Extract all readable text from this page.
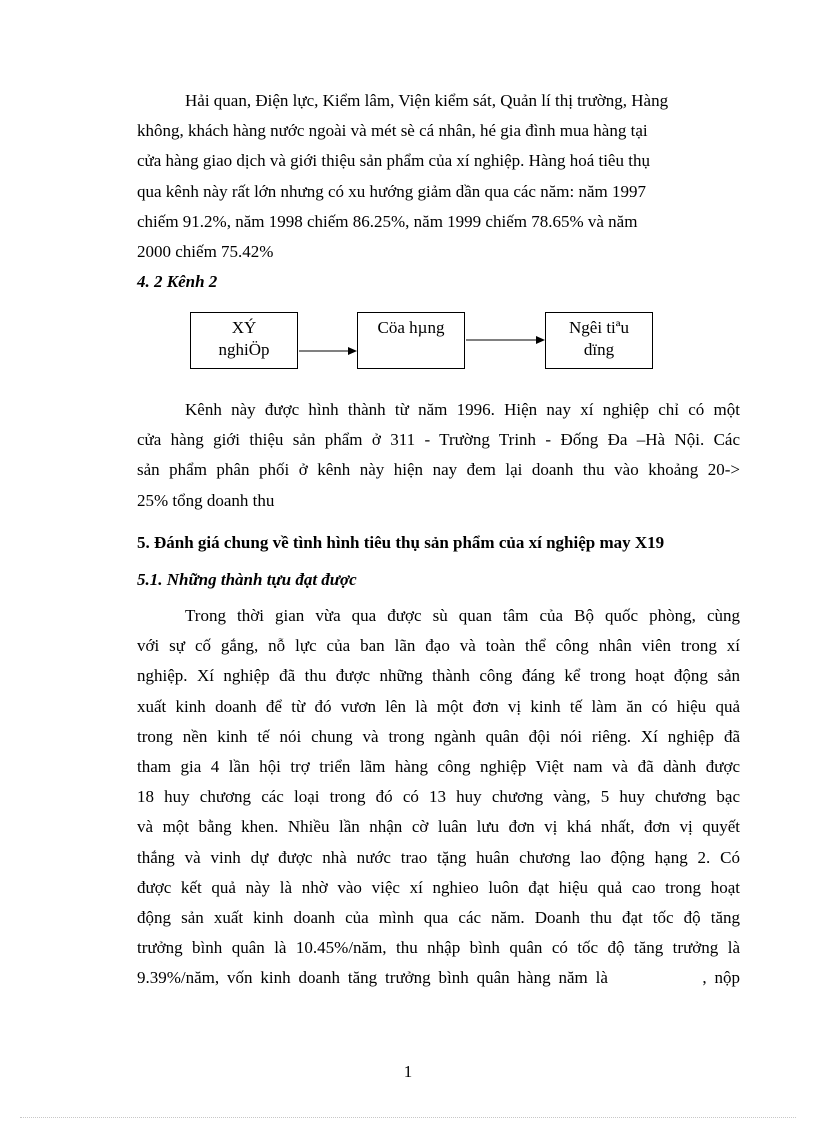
Hải quan, Điện lực, Kiểm lâm, Viện kiểm sát, Quản lí thị trường, Hàng
không, khách hàng nước ngoài và mét sè cá nhân, hé gia đình mua hàng tại
cửa hàng giao dịch và giới thiệu sản phẩm của xí nghiệp. Hàng hoá tiêu thụ
qua kênh này rất lớn nhưng có xu hướng giảm dần qua các năm: năm 1997
chiếm 91.2%, năm 1998 chiếm 86.25%, năm 1999 chiếm 78.65% và năm
2000 chiếm 75.42%
4. 2 Kênh 2
XÝ
nghiÖp
Cöa hµng	Ngêi tiªu
dïng
Kênh này được hình thành từ năm 1996. Hiện nay xí nghiệp chỉ có một
cửa hàng giới thiệu sản phẩm ở 311 - Trường Trinh - Đống Đa –Hà Nội. Các
sản phẩm phân phối ở kênh này hiện nay đem lại doanh thu vào khoảng 20->
25% tổng doanh thu
5. Đánh giá chung về tình hình tiêu thụ sản phẩm của xí nghiệp may X19
5.1. Những thành tựu đạt được
Trong thời gian vừa qua được sù quan tâm của Bộ quốc phòng, cùng
với sự cố gắng, nỗ lực của ban lãn đạo và toàn thể công nhân viên trong xí
nghiệp. Xí nghiệp đã thu được những thành công đáng kể trong hoạt động sản
xuất kinh doanh để từ đó vươn lên là một đơn vị kinh tế làm ăn có hiệu quả
trong nền kinh tế nói chung và trong ngành quân đội nói riêng. Xí nghiệp đã
tham gia 4 lần hội trợ triển lãm hàng công nghiệp Việt nam và đã dành được
18 huy chương các loại trong đó có 13 huy chương vàng, 5 huy chương bạc
và một bằng khen. Nhiều lần nhận cờ luân lưu đơn vị khá nhất, đơn vị quyết
thắng và vinh dự được nhà nước trao tặng huân chương lao động hạng 2. Có
được kết quả này là nhờ vào việc xí nghieo luôn đạt hiệu quả cao trong hoạt
động sản xuất kinh doanh của mình qua các năm. Doanh thu đạt tốc độ tăng
trưởng bình quân là 10.45%/năm, thu nhập bình quân có tốc độ tăng trưởng là
9.39%/năm, vốn kinh doanh tăng trưởng bình quân hàng năm là            , nộp
1
